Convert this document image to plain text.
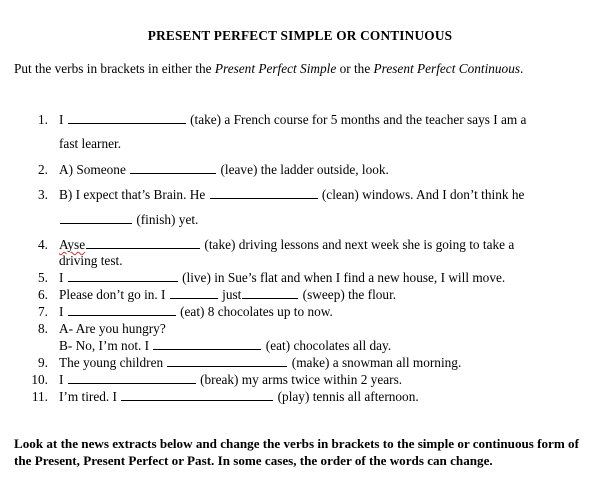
PRESENT PERFECT SIMPLE OR CONTINUOUS
Put the verbs in brackets in either the Present Perfect Simple or the Present Perfect Continuous.
1. I	(take) a French course for 5 months and the teacher says I am a
fast learner.
2. A) Someone	(leave) the ladder outside, look.
3. B) I expect that’s Brain. He	(clean) windows. And I don’t think he
(finish) yet.
4. Ayse	(take) driving lessons and next week she is going to take a
driving test.
5. I	(live) in Sue’s flat and when I find a new house, I will move.
6. Please don’t go in. I	just	(sweep) the flour.
7. I	(eat) 8 chocolates up to now.
8. A- Are you hungry?
B- No, I’m not. I	(eat) chocolates all day.
9. The young children	(make) a snowman all morning.
10. I	(break) my arms twice within 2 years.
11. I’m tired. I	(play) tennis all afternoon.
Look at the news extracts below and change the verbs in brackets to the simple or continuous form of the Present, Present Perfect or Past. In some cases, the order of the words can change.
